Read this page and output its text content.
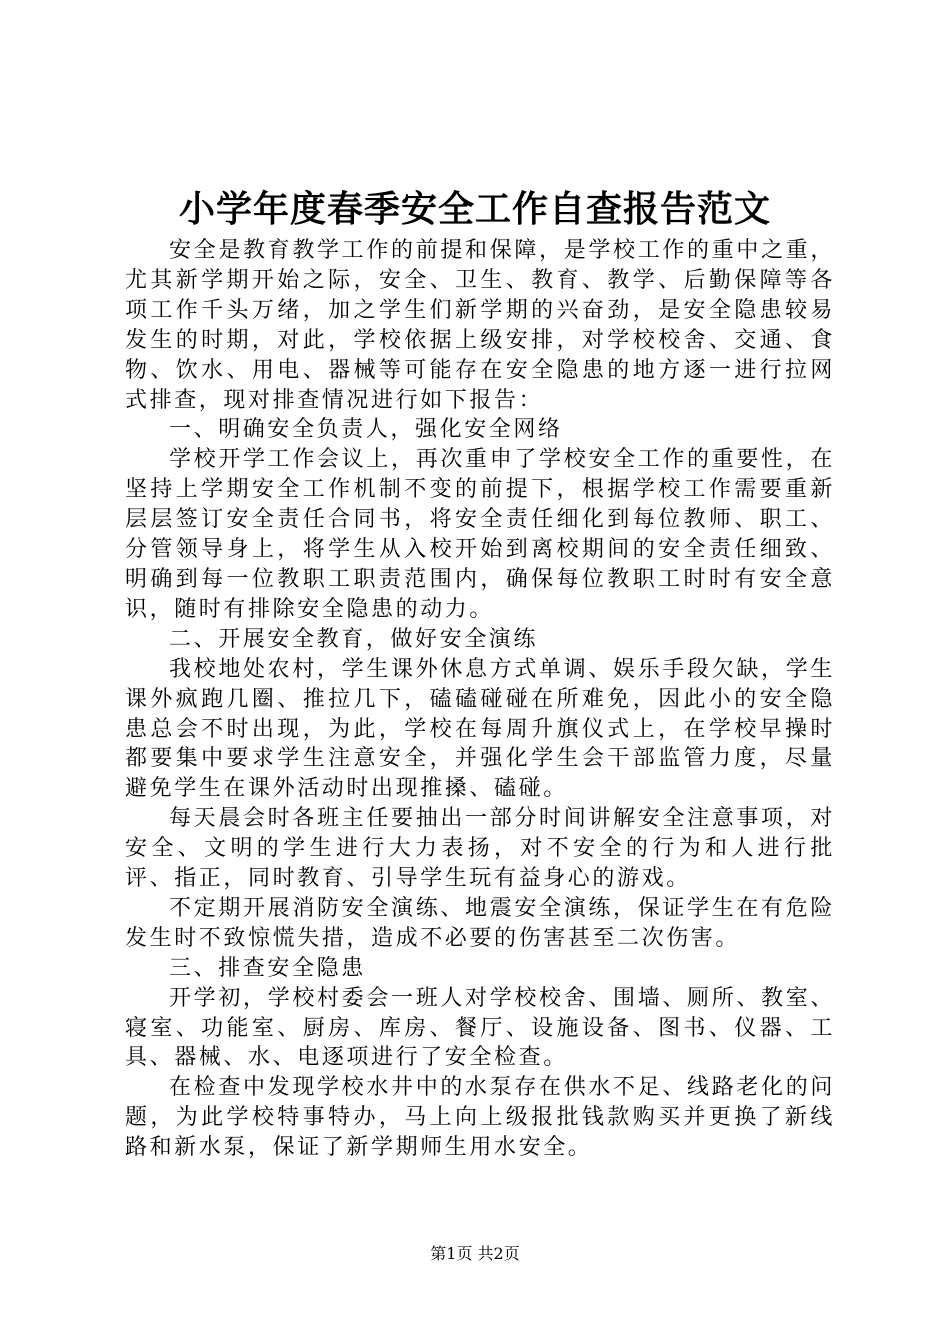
小学年度春季安全工作自查报告范文

安全是教育教学工作的前提和保障，是学校工作的重中之重，尤其新学期开始之际，安全、卫生、教育、教学、后勤保障等各项工作千头万绪，加之学生们新学期的兴奋劲，是安全隐患较易发生的时期，对此，学校依据上级安排，对学校校舍、交通、食物、饮水、用电、器械等可能存在安全隐患的地方逐一进行拉网式排查，现对排查情况进行如下报告：

一、明确安全负责人，强化安全网络

学校开学工作会议上，再次重申了学校安全工作的重要性，在坚持上学期安全工作机制不变的前提下，根据学校工作需要重新层层签订安全责任合同书，将安全责任细化到每位教师、职工、分管领导身上，将学生从入校开始到离校期间的安全责任细致、明确到每一位教职工职责范围内，确保每位教职工时时有安全意识，随时有排除安全隐患的动力。

二、开展安全教育，做好安全演练

我校地处农村，学生课外休息方式单调、娱乐手段欠缺，学生课外疯跑几圈、推拉几下，磕磕碰碰在所难免，因此小的安全隐患总会不时出现，为此，学校在每周升旗仪式上，在学校早操时都要集中要求学生注意安全，并强化学生会干部监管力度，尽量避免学生在课外活动时出现推搡、磕碰。

每天晨会时各班主任要抽出一部分时间讲解安全注意事项，对安全、文明的学生进行大力表扬，对不安全的行为和人进行批评、指正，同时教育、引导学生玩有益身心的游戏。

不定期开展消防安全演练、地震安全演练，保证学生在有危险发生时不致惊慌失措，造成不必要的伤害甚至二次伤害。

三、排查安全隐患

开学初，学校村委会一班人对学校校舍、围墙、厕所、教室、寝室、功能室、厨房、库房、餐厅、设施设备、图书、仪器、工具、器械、水、电逐项进行了安全检查。

在检查中发现学校水井中的水泵存在供水不足、线路老化的问题，为此学校特事特办，马上向上级报批钱款购买并更换了新线路和新水泵，保证了新学期师生用水安全。

第1页 共2页
